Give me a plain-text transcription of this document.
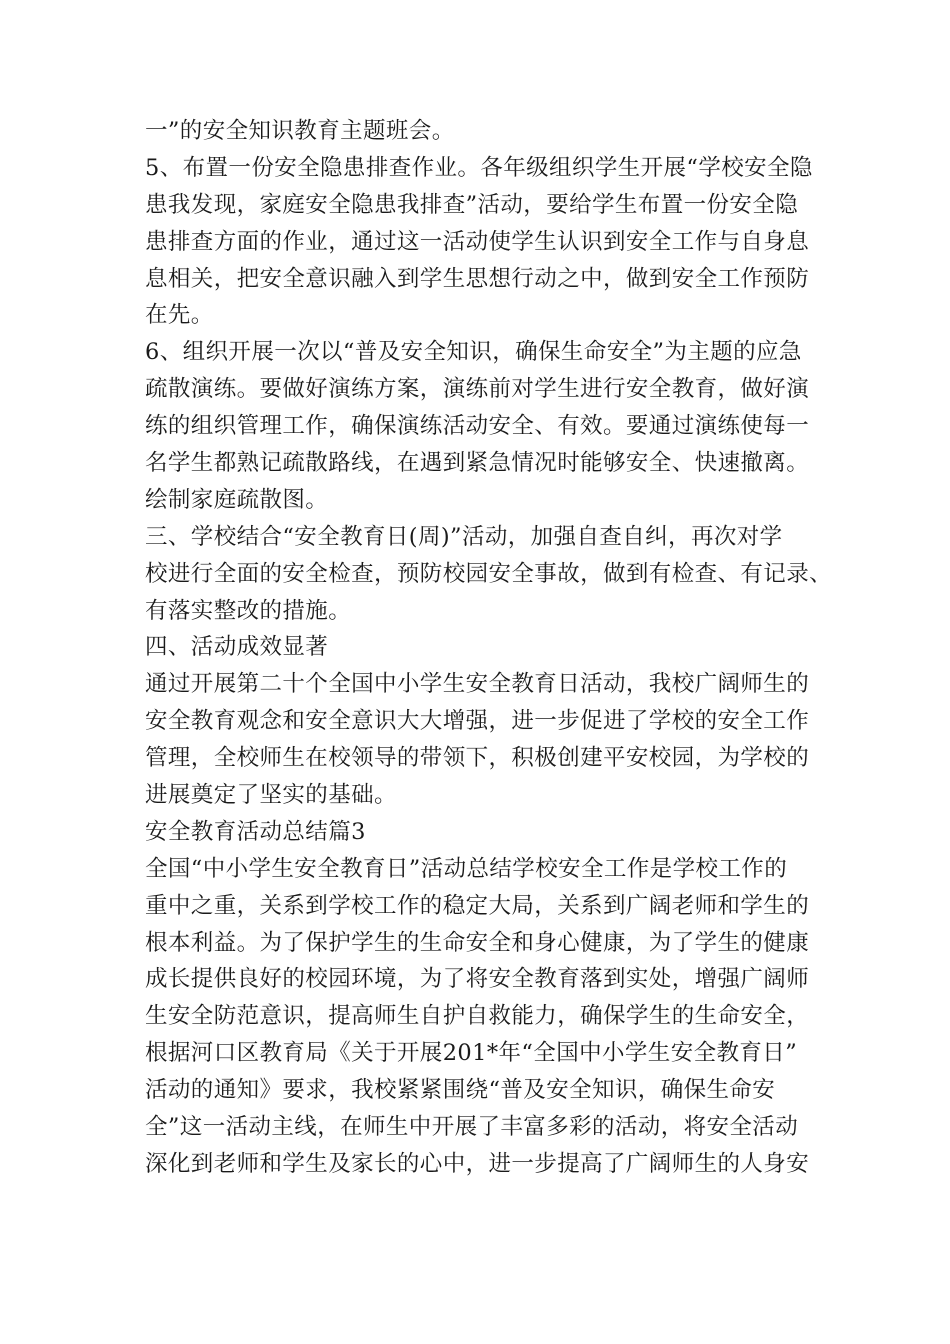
一”的安全知识教育主题班会。
5、布置一份安全隐患排查作业。各年级组织学生开展“学校安全隐
患我发现，家庭安全隐患我排查”活动，要给学生布置一份安全隐
患排查方面的作业，通过这一活动使学生认识到安全工作与自身息
息相关，把安全意识融入到学生思想行动之中，做到安全工作预防
在先。
6、组织开展一次以“普及安全知识，确保生命安全”为主题的应急
疏散演练。要做好演练方案，演练前对学生进行安全教育，做好演
练的组织管理工作，确保演练活动安全、有效。要通过演练使每一
名学生都熟记疏散路线，在遇到紧急情况时能够安全、快速撤离。
绘制家庭疏散图。
三、学校结合“安全教育日(周)”活动，加强自查自纠，再次对学
校进行全面的安全检查，预防校园安全事故，做到有检查、有记录、
有落实整改的措施。
四、活动成效显著
通过开展第二十个全国中小学生安全教育日活动，我校广阔师生的
安全教育观念和安全意识大大增强，进一步促进了学校的安全工作
管理，全校师生在校领导的带领下，积极创建平安校园，为学校的
进展奠定了坚实的基础。
安全教育活动总结篇3
全国“中小学生安全教育日”活动总结学校安全工作是学校工作的
重中之重，关系到学校工作的稳定大局，关系到广阔老师和学生的
根本利益。为了保护学生的生命安全和身心健康，为了学生的健康
成长提供良好的校园环境，为了将安全教育落到实处，增强广阔师
生安全防范意识，提高师生自护自救能力，确保学生的生命安全，
根据河口区教育局《关于开展201*年“全国中小学生安全教育日”
活动的通知》要求，我校紧紧围绕“普及安全知识，确保生命安
全”这一活动主线，在师生中开展了丰富多彩的活动，将安全活动
深化到老师和学生及家长的心中，进一步提高了广阔师生的人身安
